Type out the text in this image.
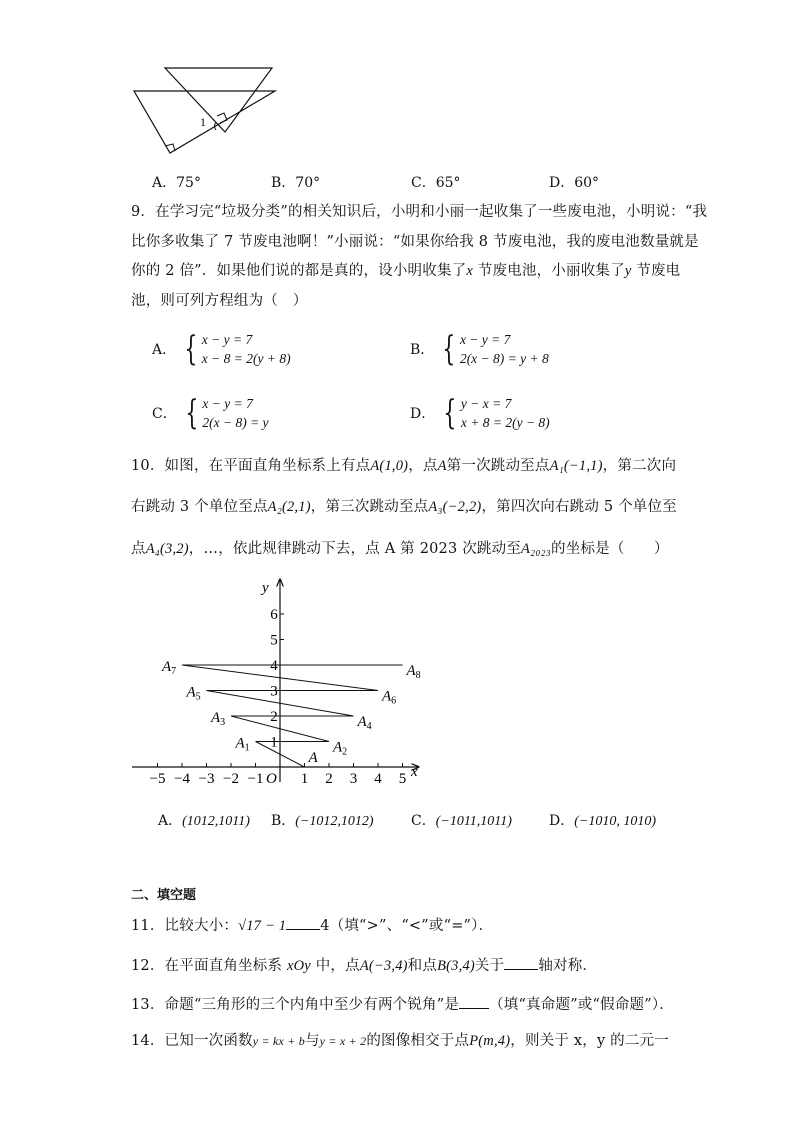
1
A．75°	B．70°	C．65°	D．60°
9．在学习完“垃圾分类”的相关知识后，小明和小丽一起收集了一些废电池，小明说：“我
比你多收集了 7 节废电池啊！”小丽说：“如果你给我 8 节废电池，我的废电池数量就是
你的 2 倍”．如果他们说的都是真的，设小明收集了x 节废电池，小丽收集了y 节废电
池，则可列方程组为（　）
A． { x − y = 7
x − 8 = 2(y + 8)
B． { x − y = 7
2(x − 8) = y + 8
C． { x − y = 7
2(x − 8) = y
D． { y − x = 7
x + 8 = 2(y − 8)
10．如图，在平面直角坐标系上有点A(1,0)，点A第一次跳动至点A₁(−1,1)，第二次向
右跳动 3 个单位至点A₂(2,1)，第三次跳动至点A₃(−2,2)，第四次向右跳动 5 个单位至
点A₄(3,2)，…，依此规律跳动下去，点 A 第 2023 次跳动至A₂₀₂₃的坐标是（　　）
x
y
O
−5 −4 −3 −2 −1 1 2 3 4 5
1
2
3
4
5
6
A
$A_1$	$A_2$
$A_3$	$A_4$
$A_5$	$A_6$
$A_7$	$A_8$
A．(1012,1011) B．(−1012,1012)	C．(−1011,1011)	D．(−1010, 1010)
二、填空题
11．比较大小：√17 − 1 4（填“>”、“<”或“=”）．
12．在平面直角坐标系 xOy 中，点A(−3,4)和点B(3,4)关于 轴对称．
13．命题“三角形的三个内角中至少有两个锐角”是 （填“真命题”或“假命题”）．
14．已知一次函数y = kx + b与y = x + 2的图像相交于点P(m,4)，则关于 x，y 的二元一
